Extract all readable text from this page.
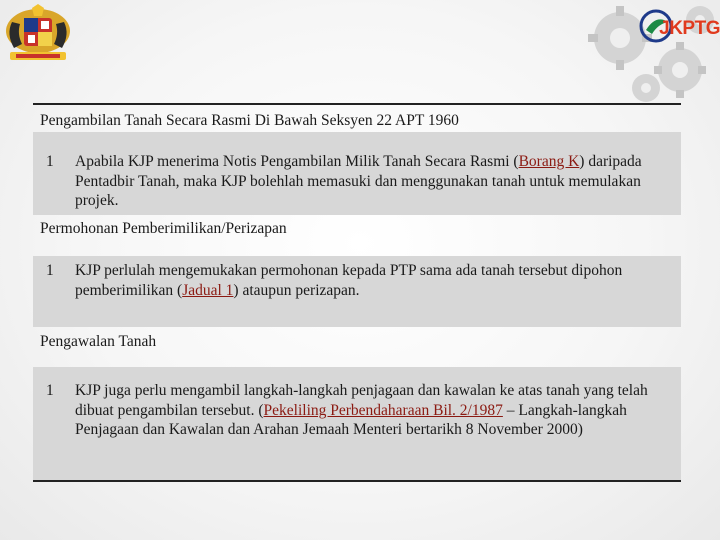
JKPTG
Pengambilan Tanah Secara Rasmi Di Bawah Seksyen 22 APT 1960
1	Apabila KJP menerima Notis Pengambilan Milik Tanah Secara Rasmi (Borang K) daripada Pentadbir Tanah, maka KJP bolehlah memasuki dan menggunakan tanah untuk memulakan projek.
Permohonan Pemberimilikan/Perizapan
1	KJP perlulah mengemukakan permohonan kepada PTP sama ada tanah tersebut dipohon pemberimilikan (Jadual 1) ataupun perizapan.
Pengawalan Tanah
1	KJP juga perlu mengambil langkah-langkah penjagaan dan kawalan ke atas tanah yang telah dibuat pengambilan tersebut. (Pekeliling Perbendaharaan Bil. 2/1987 – Langkah-langkah Penjagaan dan Kawalan dan Arahan Jemaah Menteri bertarikh 8 November 2000)
